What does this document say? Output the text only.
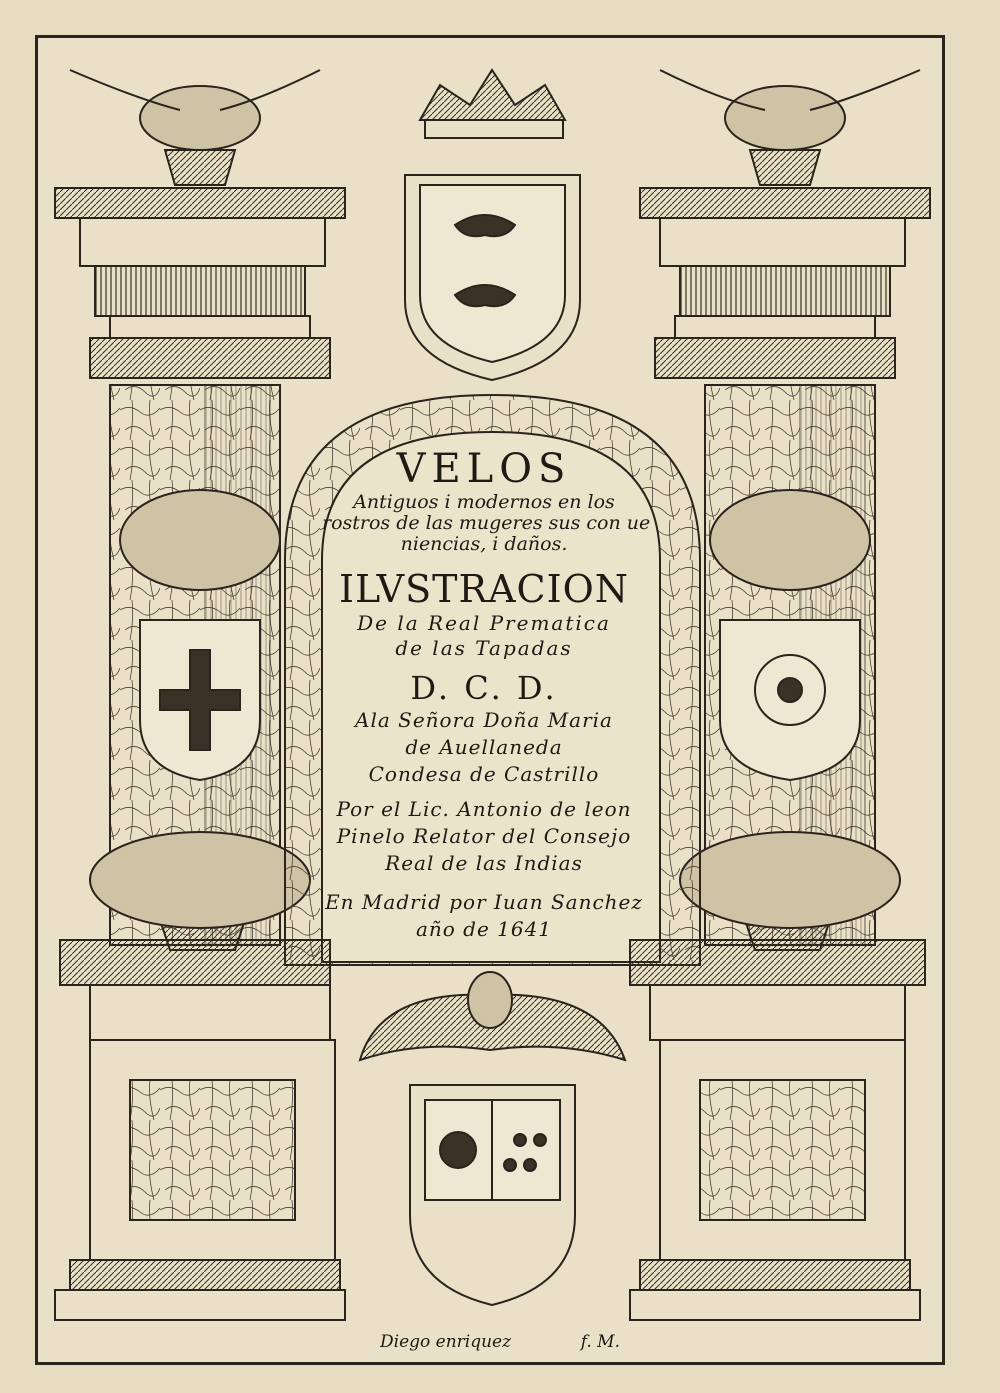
VELOS
Antiguos i modernos en los
rostros de las mugeres sus con ue
niencias, i daños.
ILVSTRACION
De la Real Prematica
de las Tapadas
D. C. D.
Ala Señora Doña Maria
de Auellaneda
Condesa de Castrillo
Por el Lic. Antonio de leon
Pinelo Relator del Consejo
Real de las Indias
En Madrid por Iuan Sanchez
año de 1641
Diego enriquez	f. M.
